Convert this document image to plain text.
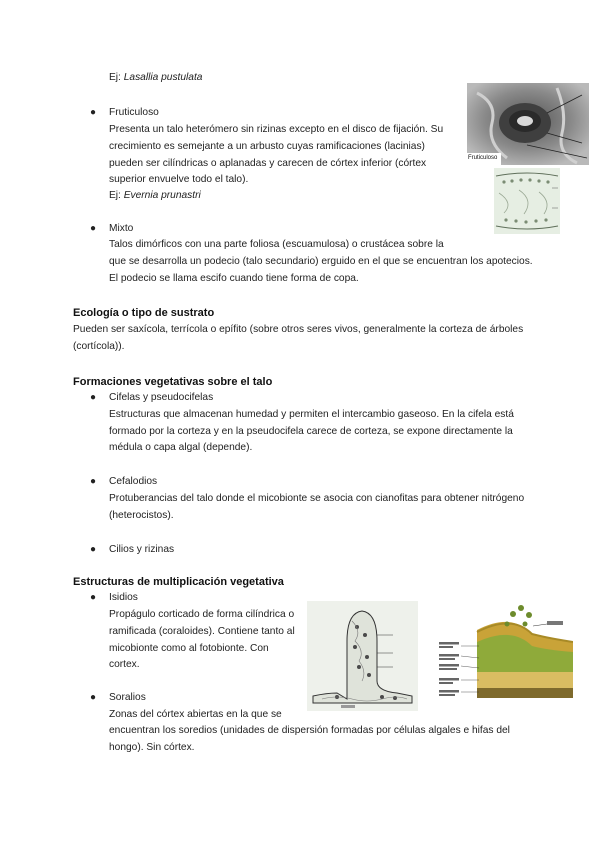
Ej: Lasallia pustulata
● Fruticuloso
Presenta un talo heterómero sin rizinas excepto en el disco de fijación. Su
crecimiento es semejante a un arbusto cuyas ramificaciones (lacinias)
pueden ser cilíndricas o aplanadas y carecen de córtex inferior (córtex
superior envuelve todo el talo).
Ej: Evernia prunastri
Fruticuloso
● Mixto
Talos dimórficos con una parte foliosa (escuamulosa) o crustácea sobre la
que se desarrolla un podecio (talo secundario) erguido en el que se encuentran los apotecios.
El podecio se llama escifo cuando tiene forma de copa.
Ecología o tipo de sustrato
Pueden ser saxícola, terrícola o epífito (sobre otros seres vivos, generalmente la corteza de árboles
(cortícola)).
Formaciones vegetativas sobre el talo
● Cifelas y pseudocifelas
Estructuras que almacenan humedad y permiten el intercambio gaseoso. En la cifela está
formado por la corteza y en la pseudocifela carece de corteza, se expone directamente la
médula o capa algal (depende).
● Cefalodios
Protuberancias del talo donde el micobionte se asocia con cianofitas para obtener nitrógeno
(heterocistos).
● Cilios y rizinas
Estructuras de multiplicación vegetativa
● Isidios
Propágulo corticado de forma cilíndrica o
ramificada (coraloides). Contiene tanto al
micobionte como al fotobionte. Con
cortex.
● Soralios
Zonas del córtex abiertas en la que se
encuentran los soredios (unidades de dispersión formadas por células algales e hifas del
hongo). Sin córtex.
